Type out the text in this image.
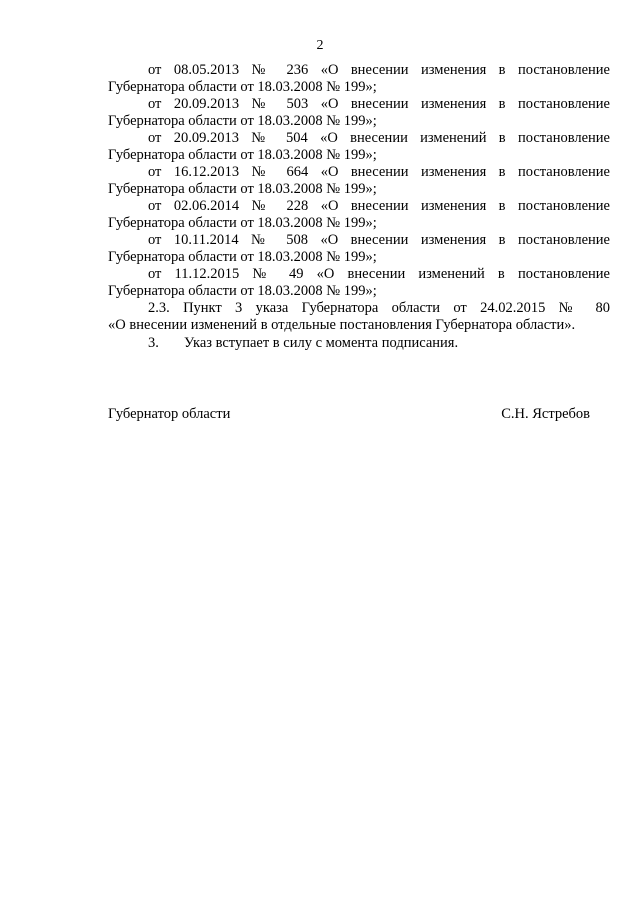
2
от 08.05.2013 № 236 «О внесении изменения в постановление
Губернатора области от 18.03.2008 № 199»;
от 20.09.2013 № 503 «О внесении изменения в постановление
Губернатора области от 18.03.2008 № 199»;
от 20.09.2013 № 504 «О внесении изменений в постановление
Губернатора области от 18.03.2008 № 199»;
от 16.12.2013 № 664 «О внесении изменения в постановление
Губернатора области от 18.03.2008 № 199»;
от 02.06.2014 № 228 «О внесении изменения в постановление
Губернатора области от 18.03.2008 № 199»;
от 10.11.2014 № 508 «О внесении изменения в постановление
Губернатора области от 18.03.2008 № 199»;
от 11.12.2015 № 49 «О внесении изменений в постановление
Губернатора области от 18.03.2008 № 199»;
2.3. Пункт 3 указа Губернатора области от 24.02.2015 № 80
«О внесении изменений в отдельные постановления Губернатора области».
3. Указ вступает в силу с момента подписания.
Губернатор области	С.Н. Ястребов
